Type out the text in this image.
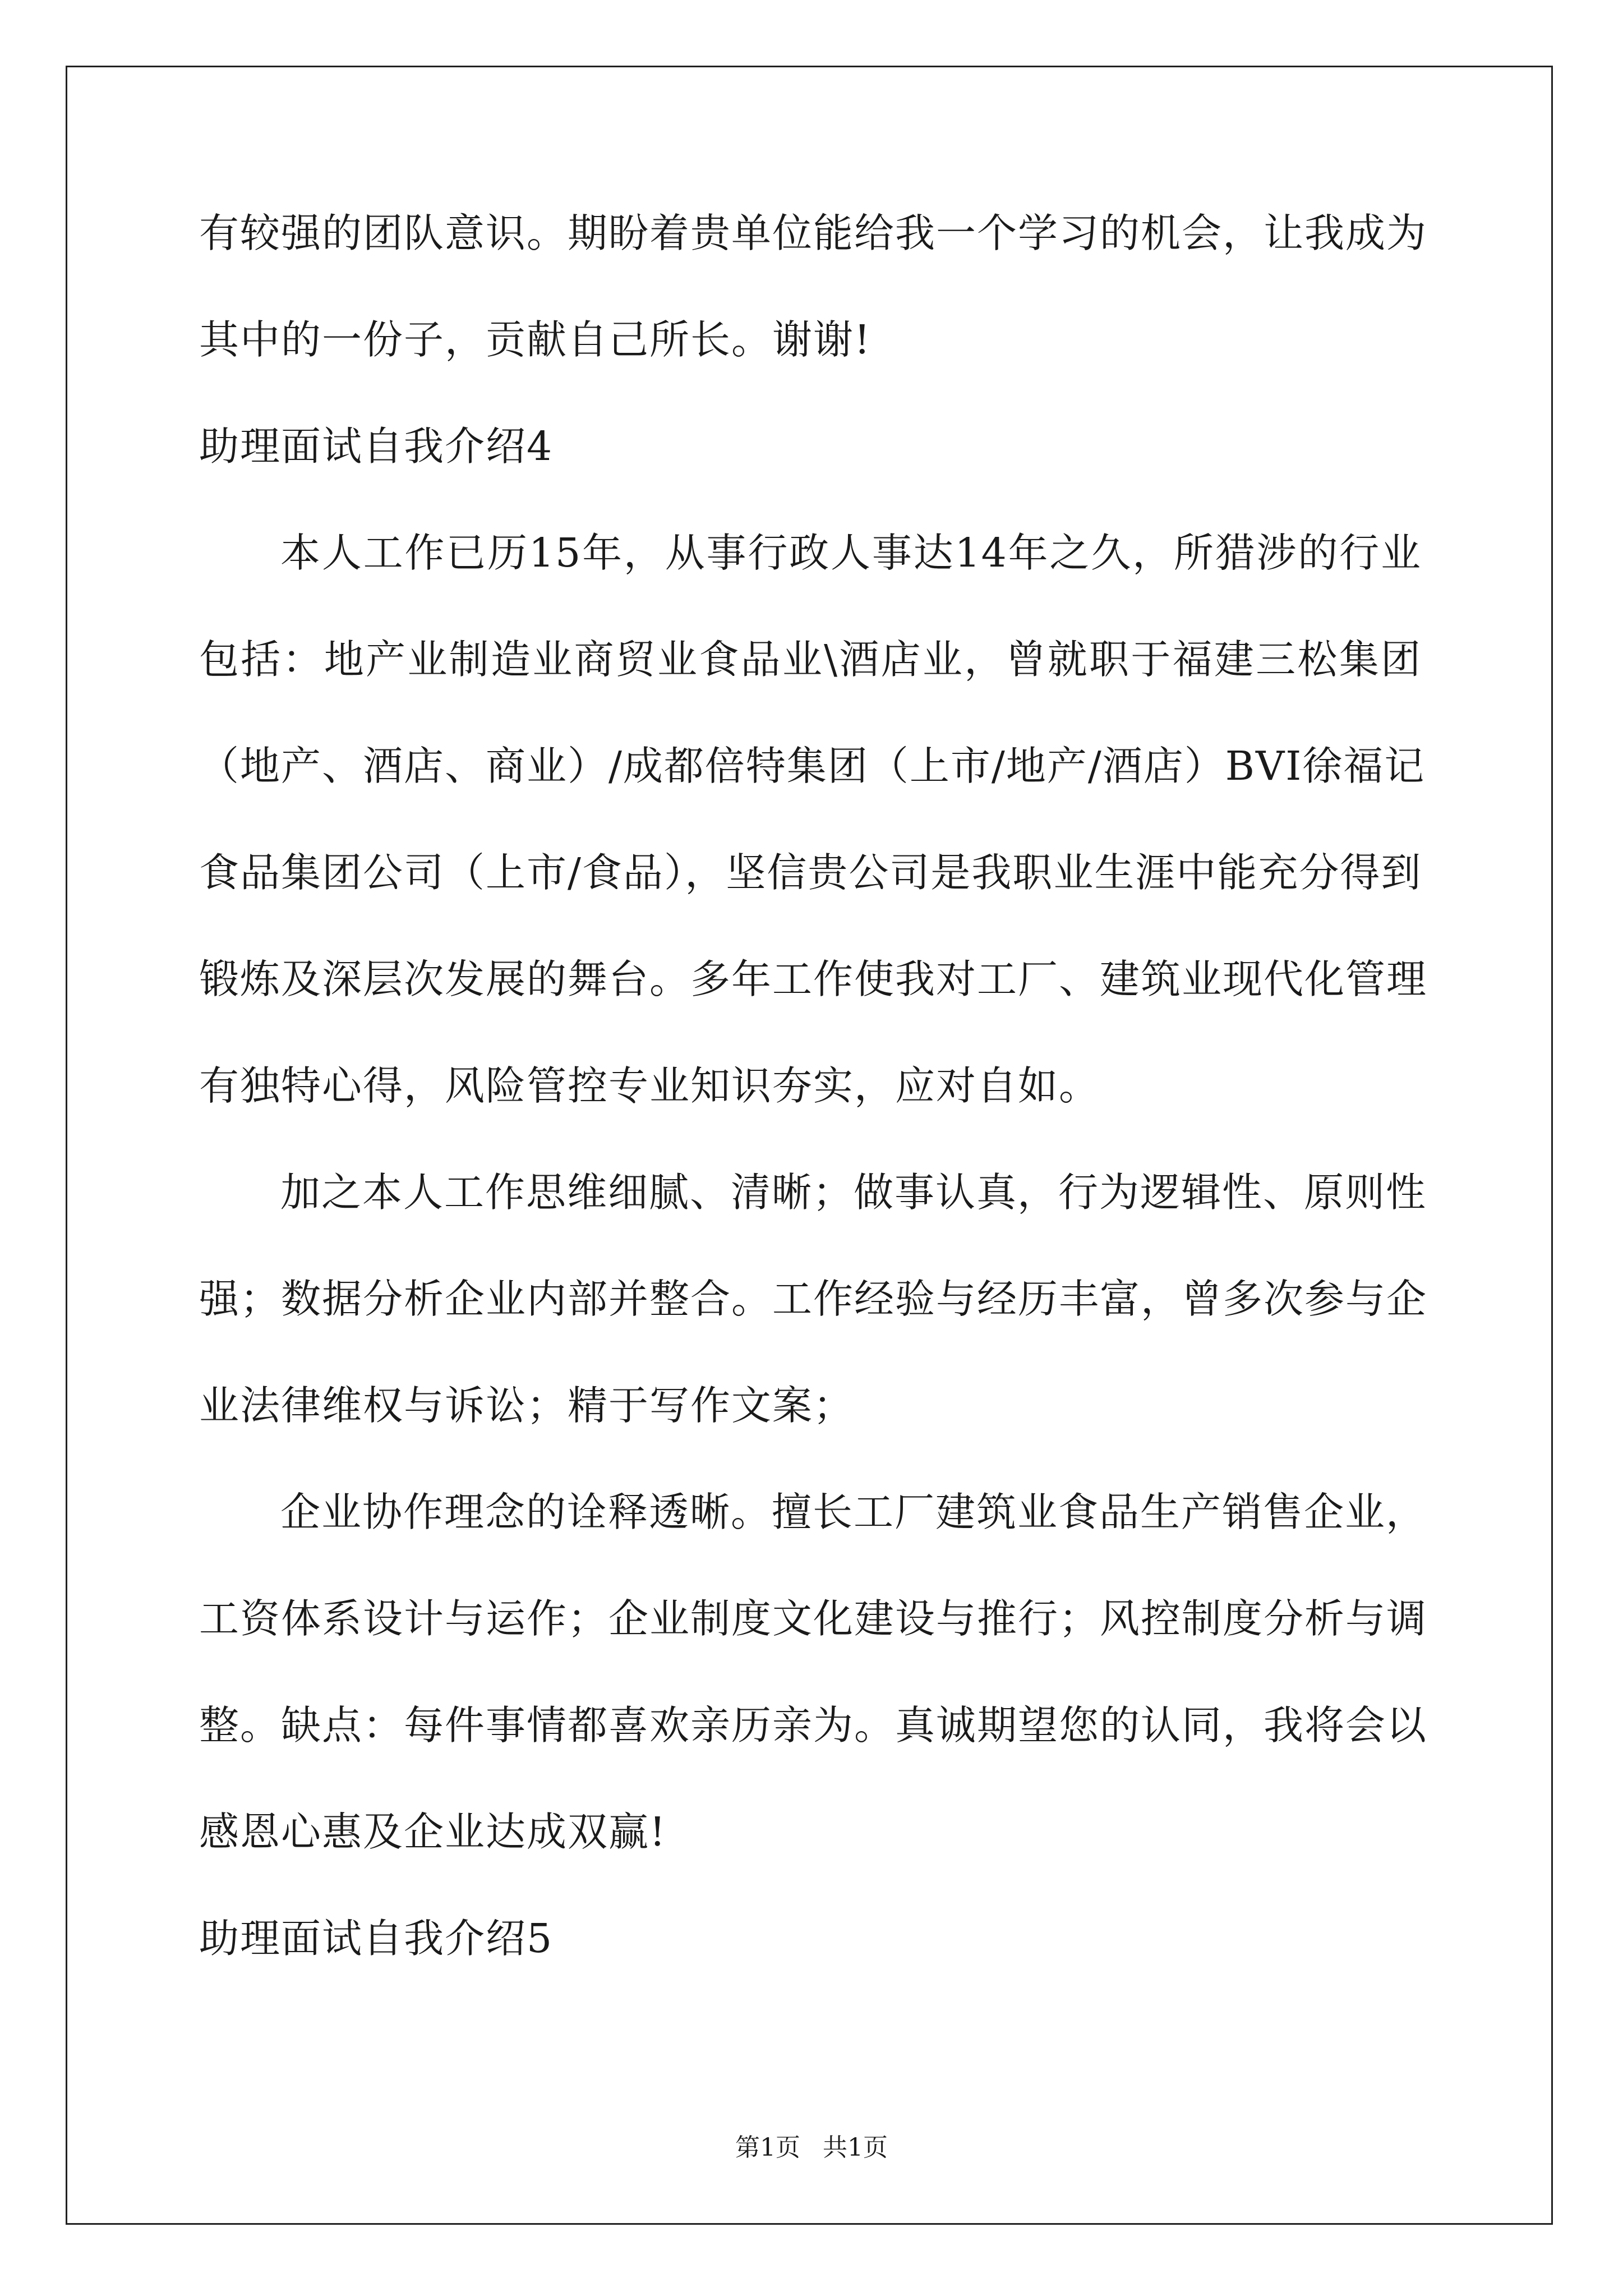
有较强的团队意识。期盼着贵单位能给我一个学习的机会，让我成为
其中的一份子，贡献自己所长。谢谢!
助理面试自我介绍4
本人工作已历15年，从事行政人事达14年之久，所猎涉的行业
包括：地产业制造业商贸业食品业\酒店业，曾就职于福建三松集团
（地产、酒店、商业）/成都倍特集团（上市/地产/酒店）BVI徐福记
食品集团公司（上市/食品），坚信贵公司是我职业生涯中能充分得到
锻炼及深层次发展的舞台。多年工作使我对工厂、建筑业现代化管理
有独特心得，风险管控专业知识夯实，应对自如。
加之本人工作思维细腻、清晰；做事认真，行为逻辑性、原则性
强；数据分析企业内部并整合。工作经验与经历丰富，曾多次参与企
业法律维权与诉讼；精于写作文案；
企业协作理念的诠释透晰。擅长工厂建筑业食品生产销售企业，
工资体系设计与运作；企业制度文化建设与推行；风控制度分析与调
整。缺点：每件事情都喜欢亲历亲为。真诚期望您的认同，我将会以
感恩心惠及企业达成双赢!
助理面试自我介绍5
第1页 共1页
